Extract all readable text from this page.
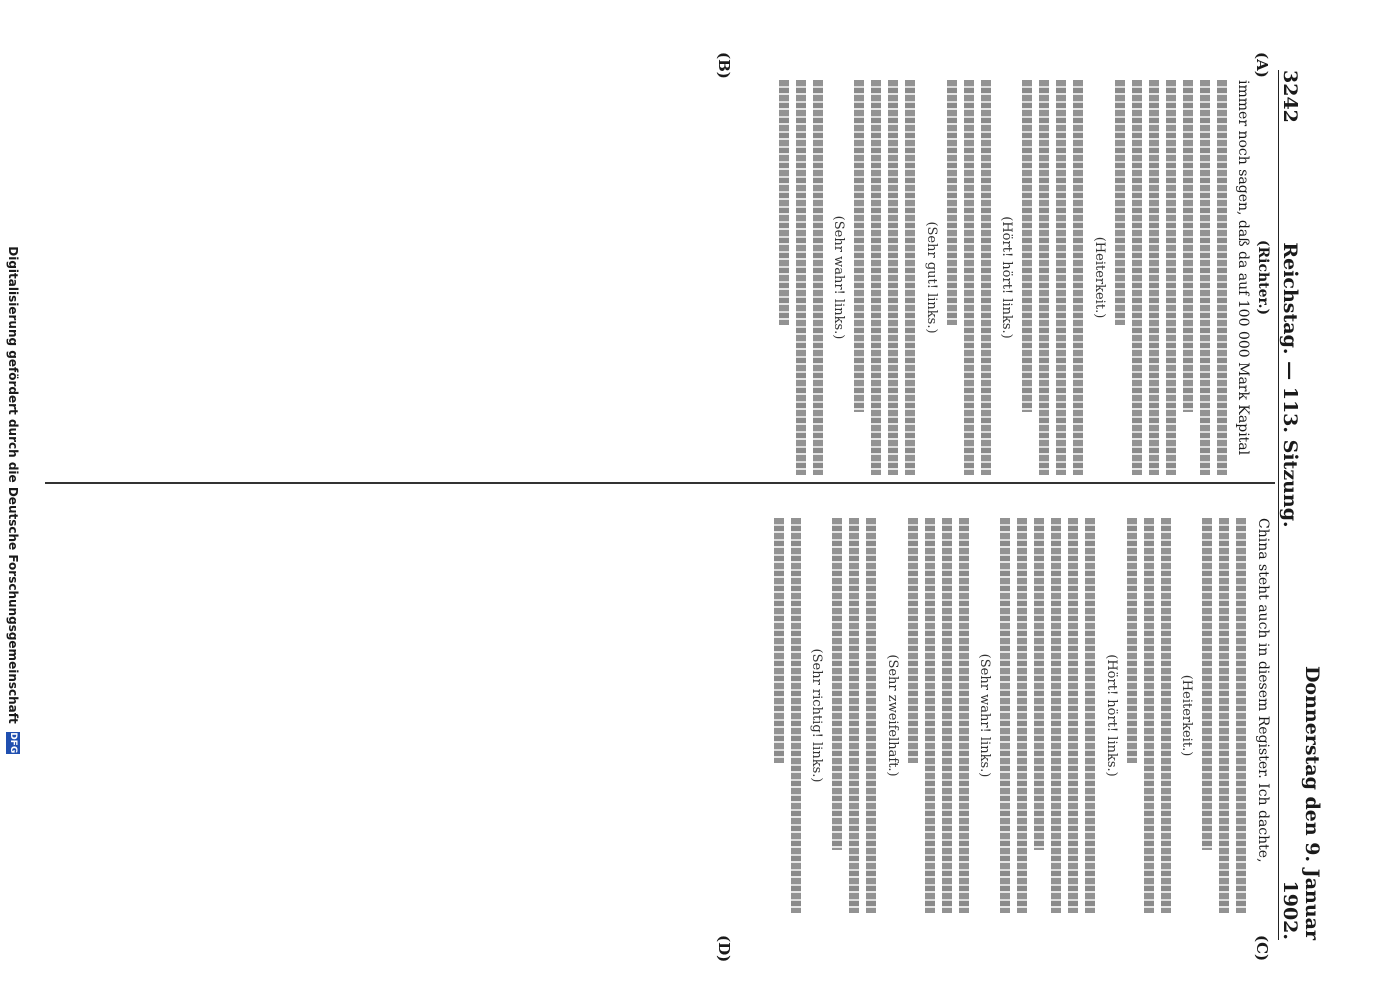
3242
Reichstag. — 113. Sitzung.
Donnerstag den 9. Januar 1902.
(A)
(B)
(C)
(D)
(Richter.)

immer noch sagen, daß da auf 100 000 Mark Kapital

(Heiterkeit.)
(Hört! hört! links.)
(Sehr gut! links.)
(Sehr wahr! links.)

China steht auch in diesem Register. Ich dachte,

(Heiterkeit.)
(Hört! hört! links.)
(Sehr wahr! links.)
(Sehr zweifelhaft.)
(Sehr richtig! links.)
Digitalisierung gefördert durch die Deutsche Forschungsgemeinschaft
DFG
